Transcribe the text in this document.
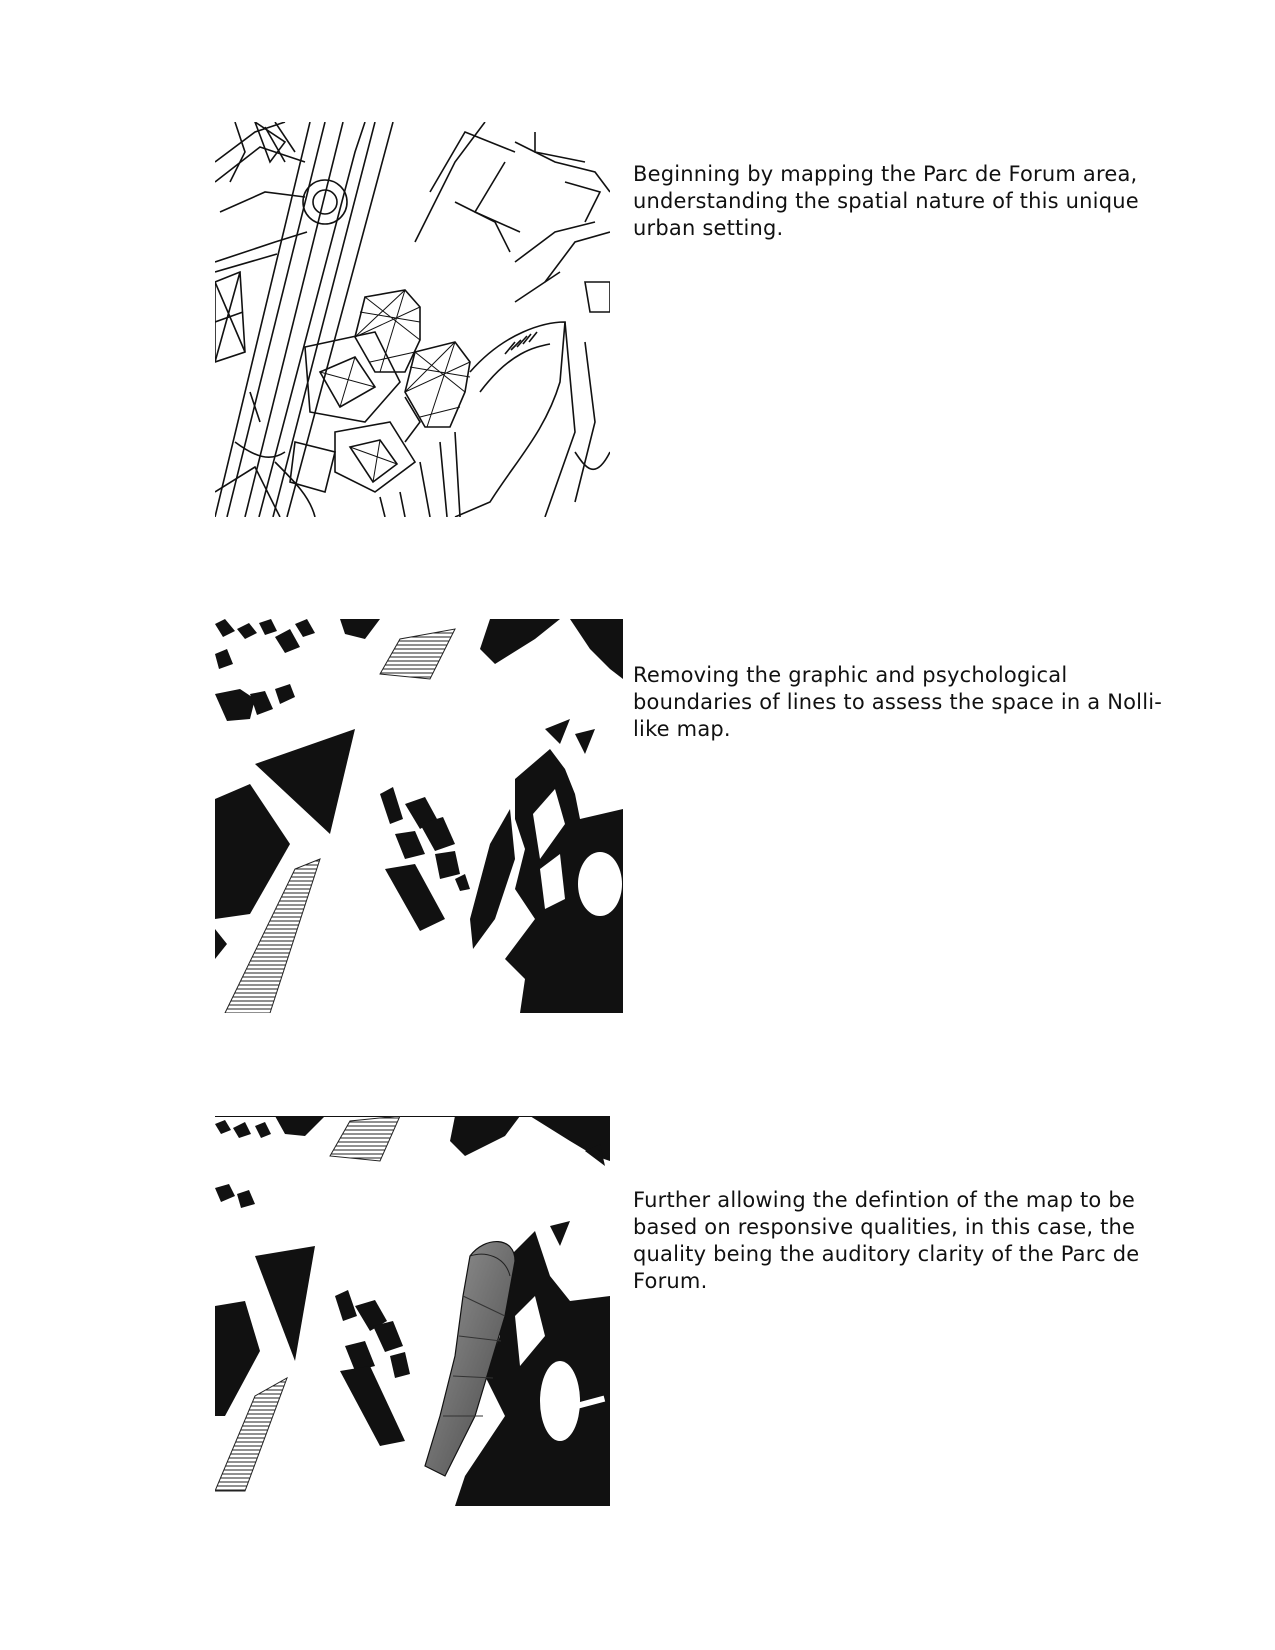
Beginning by mapping the Parc de Forum area, understanding the spatial nature of this unique urban setting.

Removing the graphic and psychological boundaries of lines to assess the space in a Nolli-like map.

Further allowing the defintion of the map to be based on responsive qualities, in this case, the quality being the auditory clarity of the Parc de Forum.
